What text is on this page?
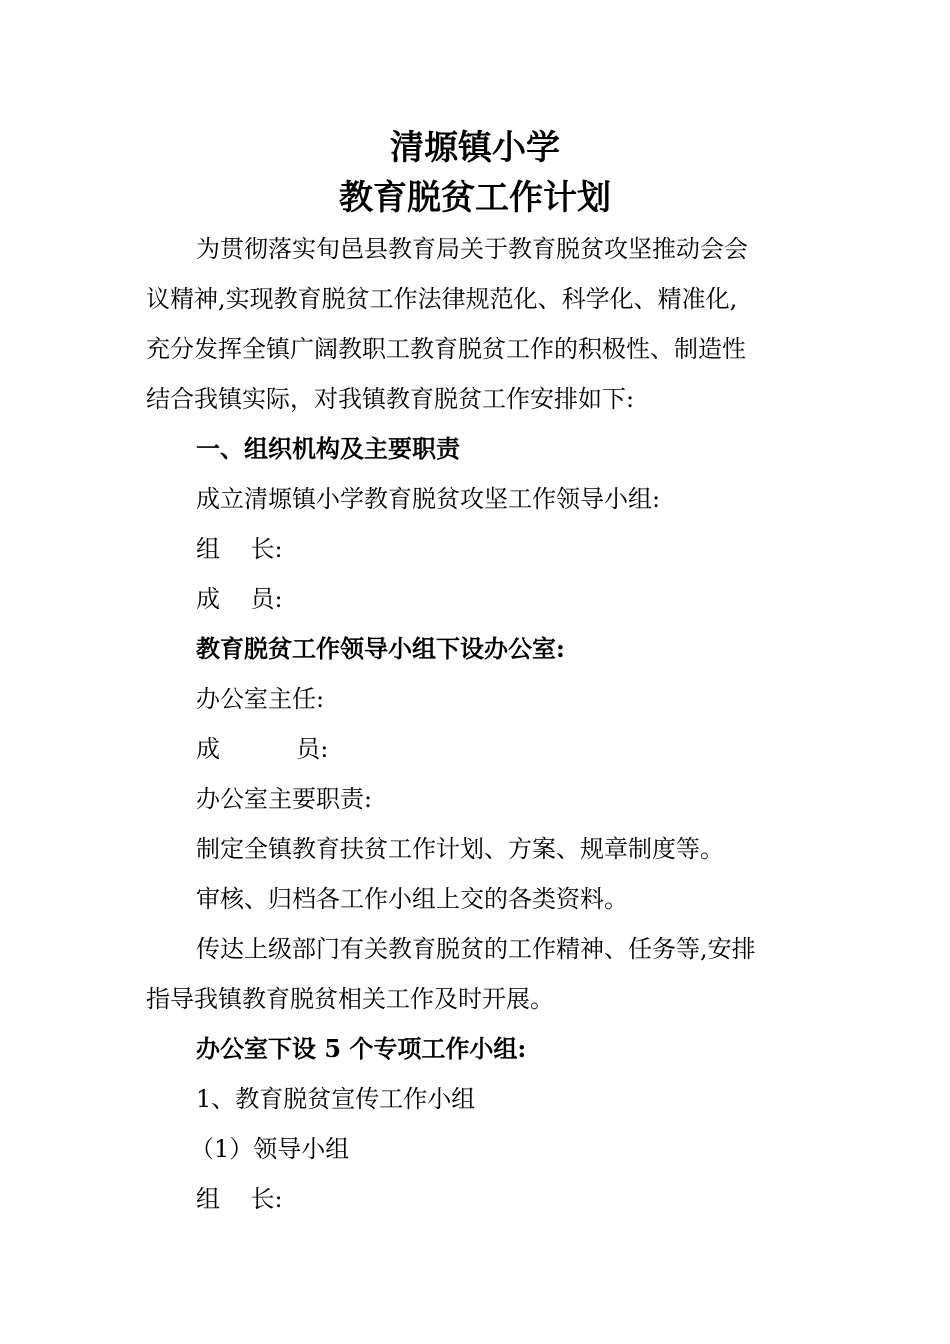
清塬镇小学
教育脱贫工作计划
为贯彻落实旬邑县教育局关于教育脱贫攻坚推动会会
议精神,实现教育脱贫工作法律规范化、科学化、精准化,
充分发挥全镇广阔教职工教育脱贫工作的积极性、制造性
结合我镇实际，对我镇教育脱贫工作安排如下:
一、组织机构及主要职责
成立清塬镇小学教育脱贫攻坚工作领导小组:
组    长:
成    员:
教育脱贫工作领导小组下设办公室:
办公室主任:
成          员:
办公室主要职责:
制定全镇教育扶贫工作计划、方案、规章制度等。
审核、归档各工作小组上交的各类资料。
传达上级部门有关教育脱贫的工作精神、任务等,安排
指导我镇教育脱贫相关工作及时开展。
办公室下设 5 个专项工作小组:
1、教育脱贫宣传工作小组
（1）领导小组
组    长:
